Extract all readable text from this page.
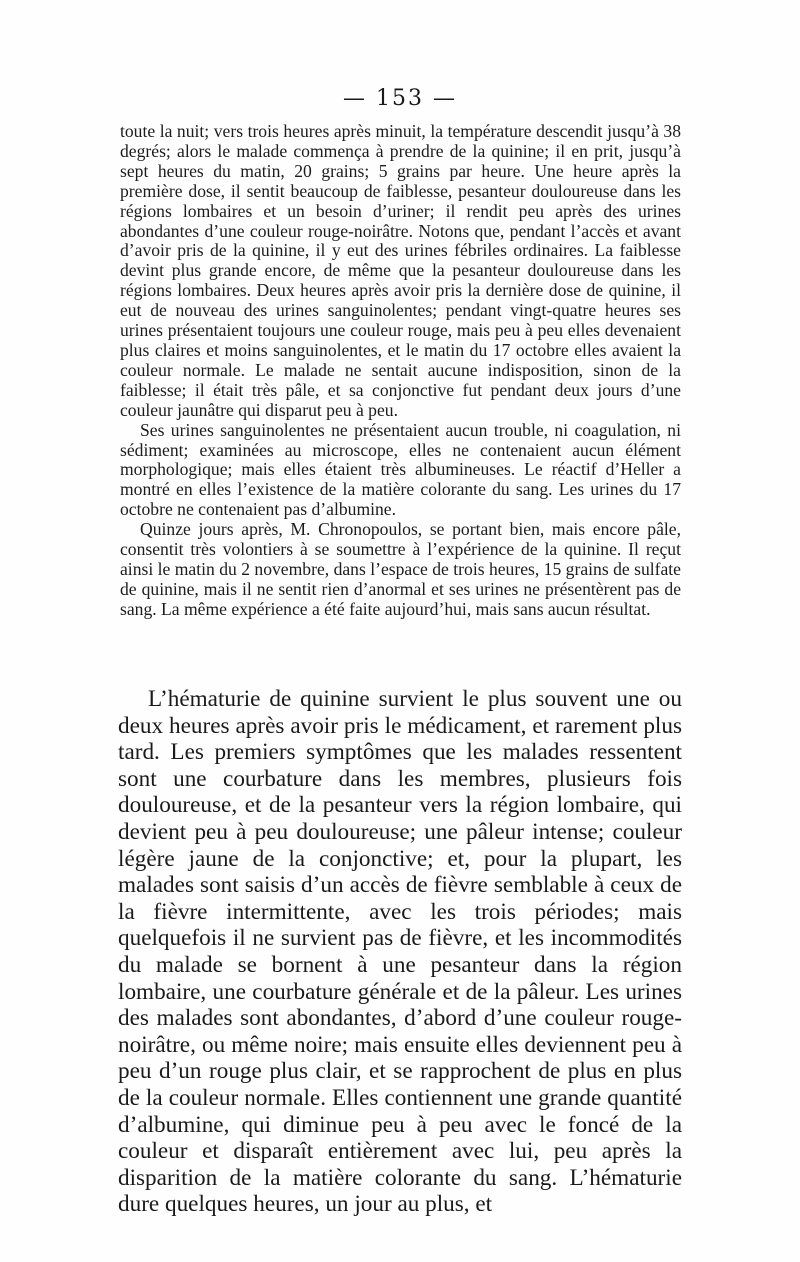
— 153 —

toute la nuit; vers trois heures après minuit, la température descendit jusqu’à 38 degrés; alors le malade commença à prendre de la quinine; il en prit, jusqu’à sept heures du matin, 20 grains; 5 grains par heure. Une heure après la première dose, il sentit beaucoup de faiblesse, pesanteur douloureuse dans les régions lombaires et un besoin d’uriner; il rendit peu après des urines abondantes d’une couleur rouge-noirâtre. Notons que, pendant l’accès et avant d’avoir pris de la quinine, il y eut des urines fébriles ordinaires. La faiblesse devint plus grande encore, de même que la pesanteur douloureuse dans les régions lombaires. Deux heures après avoir pris la dernière dose de quinine, il eut de nouveau des urines sanguinolentes; pendant vingt-quatre heures ses urines présentaient toujours une couleur rouge, mais peu à peu elles devenaient plus claires et moins sanguinolentes, et le matin du 17 octobre elles avaient la couleur normale. Le malade ne sentait aucune indisposition, sinon de la faiblesse; il était très pâle, et sa conjonctive fut pendant deux jours d’une couleur jaunâtre qui disparut peu à peu.

Ses urines sanguinolentes ne présentaient aucun trouble, ni coagulation, ni sédiment; examinées au microscope, elles ne contenaient aucun élément morphologique; mais elles étaient très albumineuses. Le réactif d’Heller a montré en elles l’existence de la matière colorante du sang. Les urines du 17 octobre ne contenaient pas d’albumine.

Quinze jours après, M. Chronopoulos, se portant bien, mais encore pâle, consentit très volontiers à se soumettre à l’expérience de la quinine. Il reçut ainsi le matin du 2 novembre, dans l’espace de trois heures, 15 grains de sulfate de quinine, mais il ne sentit rien d’anormal et ses urines ne présentèrent pas de sang. La même expérience a été faite aujourd’hui, mais sans aucun résultat.

L’hématurie de quinine survient le plus souvent une ou deux heures après avoir pris le médicament, et rarement plus tard. Les premiers symptômes que les malades ressentent sont une courbature dans les membres, plusieurs fois douloureuse, et de la pesanteur vers la région lombaire, qui devient peu à peu douloureuse; une pâleur intense; couleur légère jaune de la conjonctive; et, pour la plupart, les malades sont saisis d’un accès de fièvre semblable à ceux de la fièvre intermittente, avec les trois périodes; mais quelquefois il ne survient pas de fièvre, et les incommodités du malade se bornent à une pesanteur dans la région lombaire, une courbature générale et de la pâleur. Les urines des malades sont abondantes, d’abord d’une couleur rouge-noirâtre, ou même noire; mais ensuite elles deviennent peu à peu d’un rouge plus clair, et se rapprochent de plus en plus de la couleur normale. Elles contiennent une grande quantité d’albumine, qui diminue peu à peu avec le foncé de la couleur et disparaît entièrement avec lui, peu après la disparition de la matière colorante du sang. L’hématurie dure quelques heures, un jour au plus, et
